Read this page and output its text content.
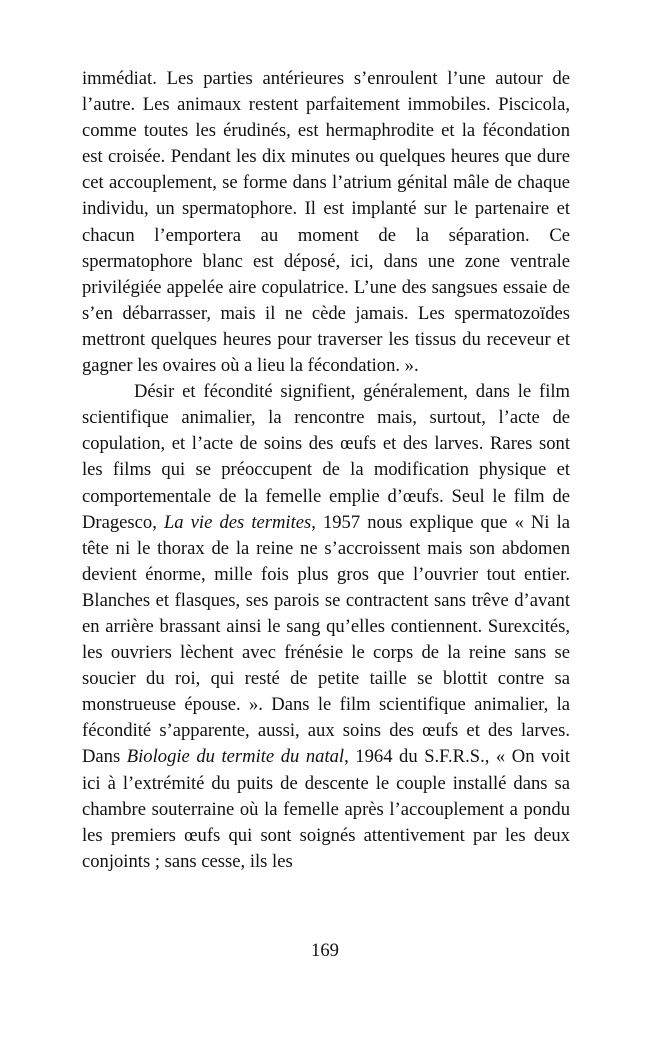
immédiat. Les parties antérieures s’enroulent l’une autour de l’autre. Les animaux restent parfaitement immobiles. Piscicola, comme toutes les érudinés, est hermaphrodite et la fécondation est croisée. Pendant les dix minutes ou quelques heures que dure cet accouplement, se forme dans l’atrium génital mâle de chaque individu, un spermatophore. Il est implanté sur le partenaire et chacun l’emportera au moment de la séparation. Ce spermatophore blanc est déposé, ici, dans une zone ventrale privilégiée appelée aire copulatrice. L’une des sangsues essaie de s’en débarrasser, mais il ne cède jamais. Les spermatozoïdes mettront quelques heures pour traverser les tissus du receveur et gagner les ovaires où a lieu la fécondation. ».

Désir et fécondité signifient, généralement, dans le film scientifique animalier, la rencontre mais, surtout, l’acte de copulation, et l’acte de soins des œufs et des larves. Rares sont les films qui se préoccupent de la modification physique et comportementale de la femelle emplie d’œufs. Seul le film de Dragesco, La vie des termites, 1957 nous explique que « Ni la tête ni le thorax de la reine ne s’accroissent mais son abdomen devient énorme, mille fois plus gros que l’ouvrier tout entier. Blanches et flasques, ses parois se contractent sans trêve d’avant en arrière brassant ainsi le sang qu’elles contiennent. Surexcités, les ouvriers lèchent avec frénésie le corps de la reine sans se soucier du roi, qui resté de petite taille se blottit contre sa monstrueuse épouse. ». Dans le film scientifique animalier, la fécondité s’apparente, aussi, aux soins des œufs et des larves. Dans Biologie du termite du natal, 1964 du S.F.R.S., « On voit ici à l’extrémité du puits de descente le couple installé dans sa chambre souterraine où la femelle après l’accouplement a pondu les premiers œufs qui sont soignés attentivement par les deux conjoints ; sans cesse, ils les

169
